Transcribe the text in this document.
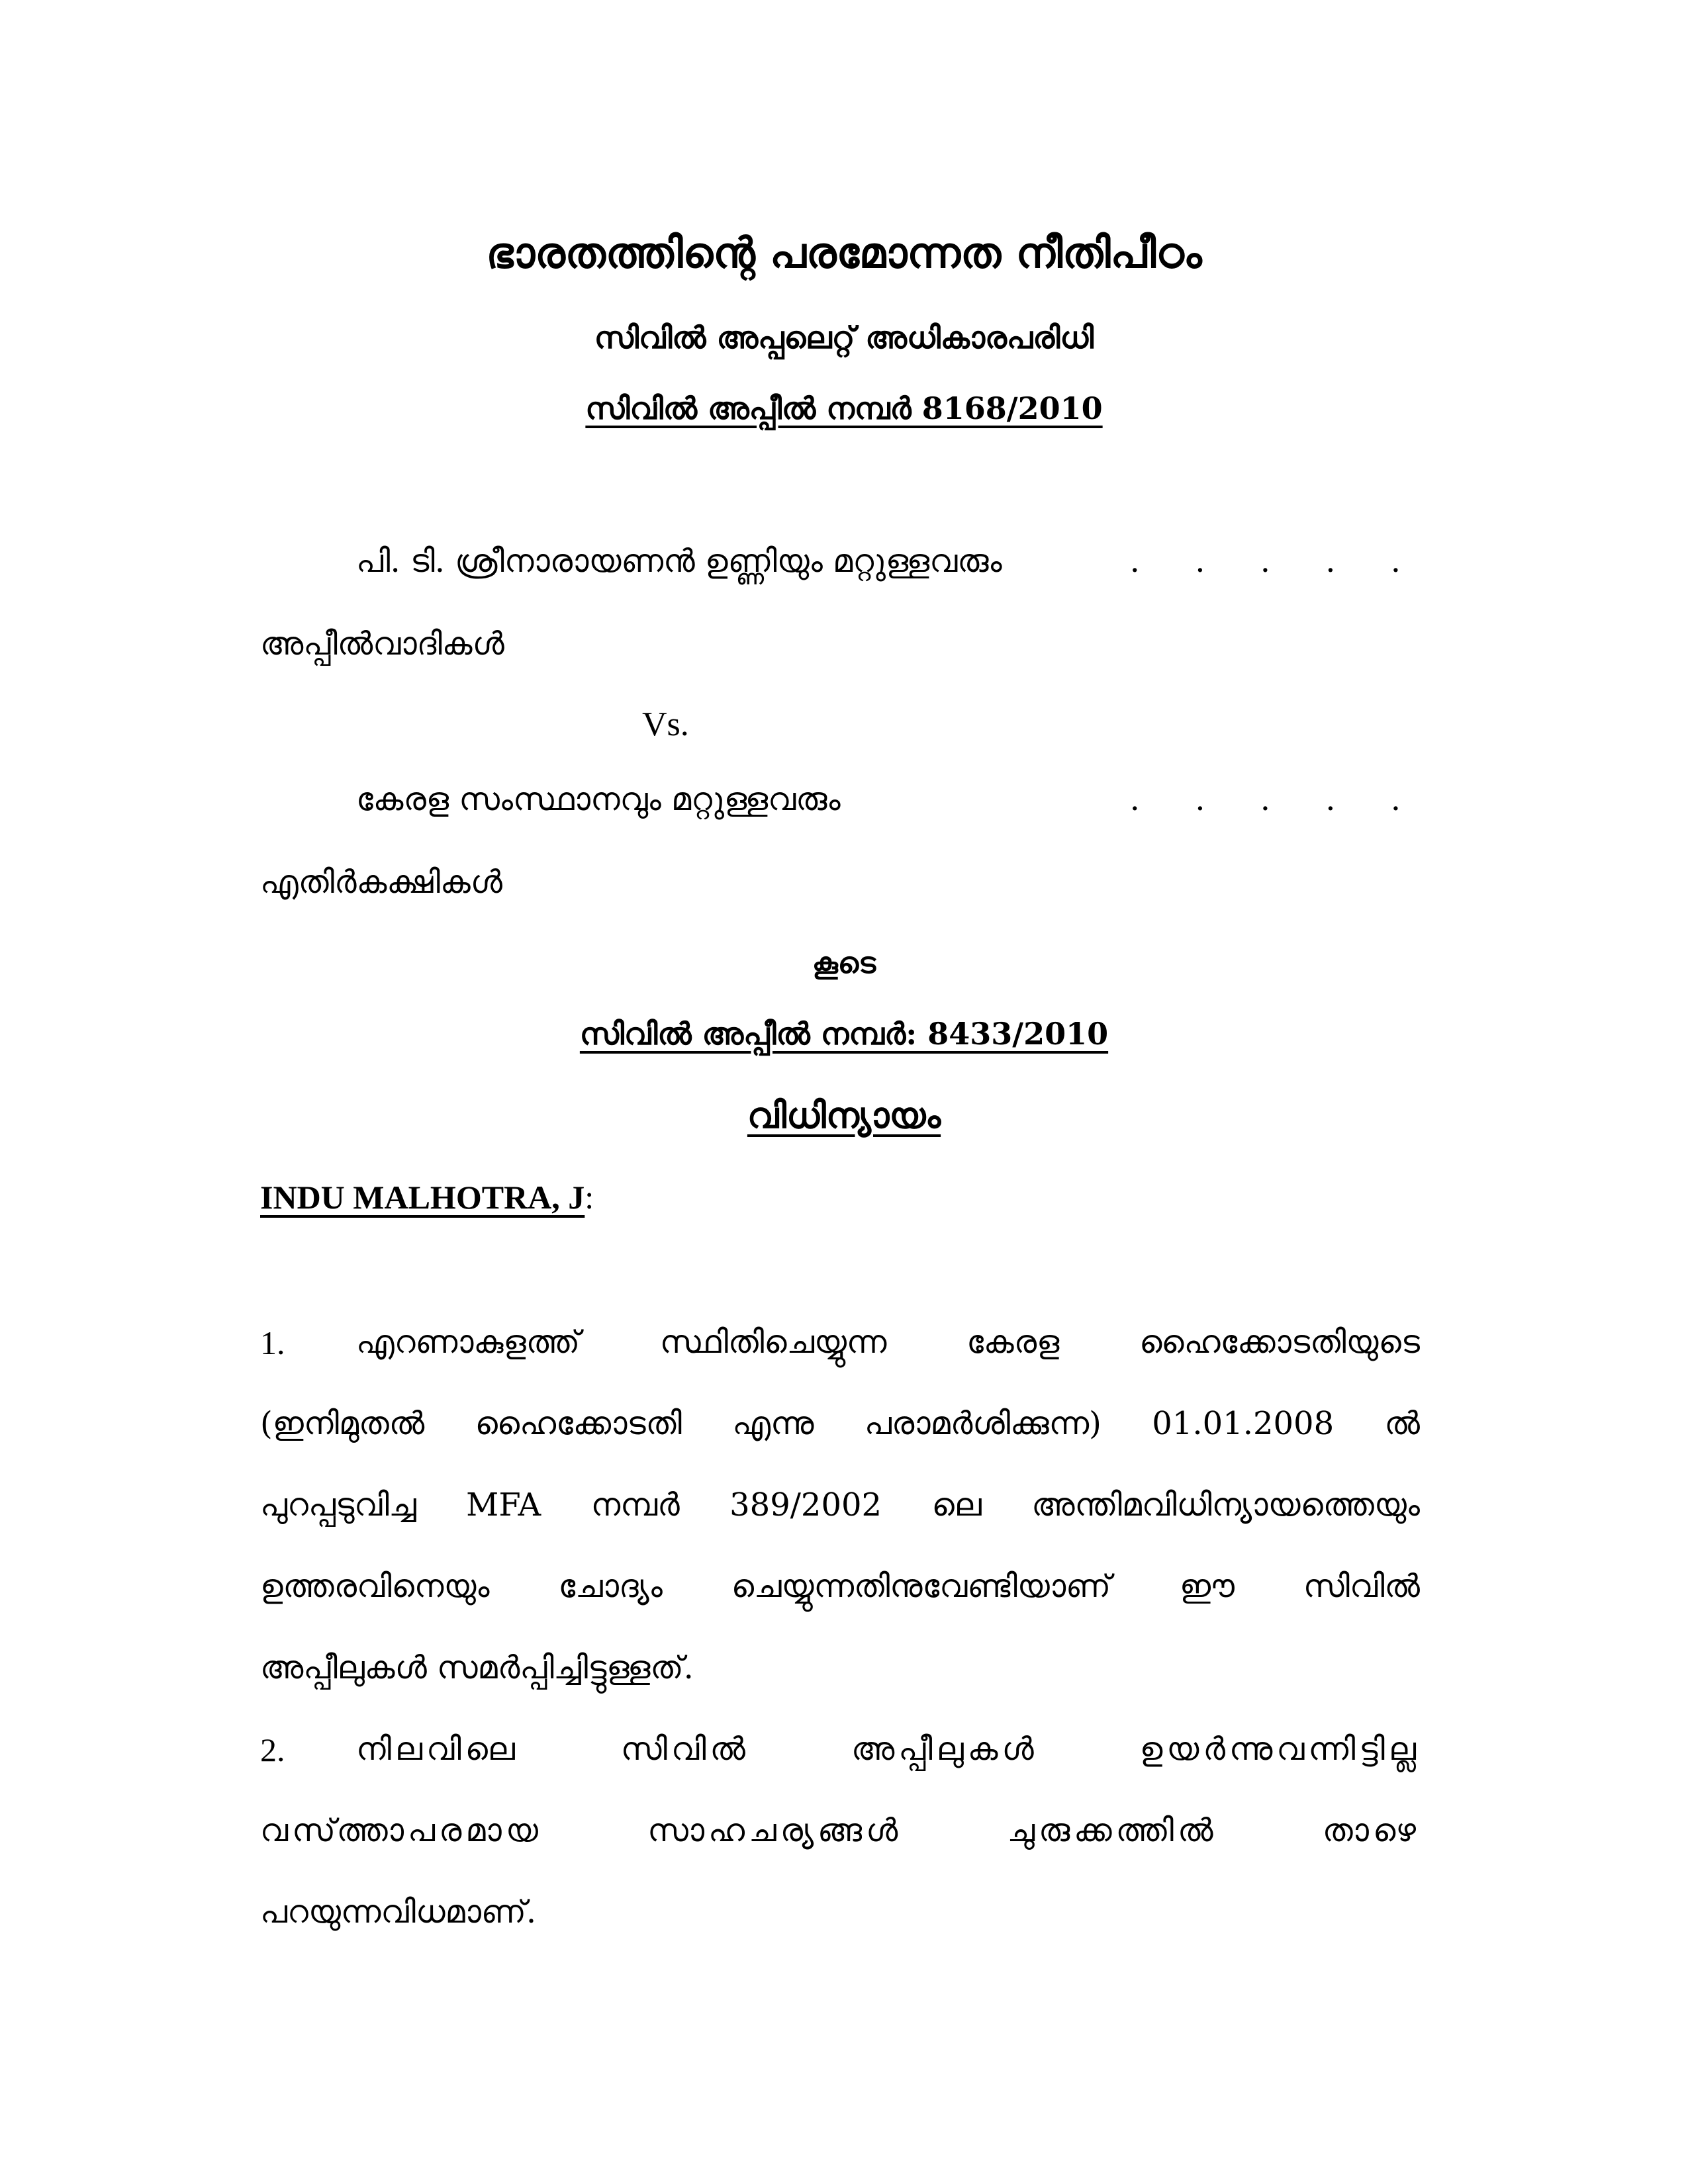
ഭാരതത്തിന്റെ പരമോന്നത നീതിപീഠം
സിവിൽ അപ്പലെറ്റ് അധികാരപരിധി
സിവിൽ അപ്പീൽ നമ്പർ 8168/2010
പി. ടി. ശ്രീനാരായണൻ ഉണ്ണിയും മറ്റുള്ളവരും	. . . . .
അപ്പീൽവാദികൾ
Vs.
കേരള സംസ്ഥാനവും മറ്റുള്ളവരും	. . . . .
എതിർകക്ഷികൾ
കൂടെ
സിവിൽ അപ്പീൽ നമ്പർ: 8433/2010
വിധിന്യായം
INDU MALHOTRA, J:
1. എറണാകുളത്ത് സ്ഥിതിചെയ്യുന്ന കേരള ഹൈക്കോടതിയുടെ
(ഇനിമുതൽ ഹൈക്കോടതി എന്നു പരാമർശിക്കുന്ന) 01.01.2008 ൽ
പുറപ്പടുവിച്ച MFA നമ്പർ 389/2002 ലെ അന്തിമവിധിന്യായത്തെയും
ഉത്തരവിനെയും ചോദ്യം ചെയ്യുന്നതിനുവേണ്ടിയാണ് ഈ സിവിൽ
അപ്പീലുകൾ സമർപ്പിച്ചിട്ടുള്ളത്.
2. നിലവിലെ സിവിൽ അപ്പീലുകൾ ഉയർന്നുവന്നിട്ടില്ല
വസ്ത്താപരമായ സാഹചര്യങ്ങൾ ചുരുക്കത്തിൽ താഴെ
പറയുന്നവിധമാണ്.
